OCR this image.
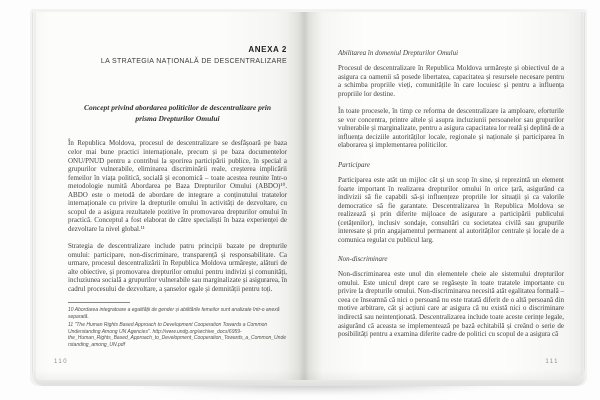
ANEXA 2
LA STRATEGIA NAȚIONALĂ DE DESCENTRALIZARE
Concept privind abordarea politicilor de descentralizare prin prisma Drepturilor Omului

În Republica Moldova, procesul de descentralizare se desfășoară pe baza celor mai bune practici internaționale, precum și pe baza documentelor ONU/PNUD pentru a contribui la sporirea participării publice, în special a grupurilor vulnerabile, eliminarea discriminării reale, creșterea implicării femeilor în viața politică, socială și economică – toate acestea reunite într-o metodologie numită Abordarea pe Baza Drepturilor Omului (ABDO)¹⁰. ABDO este o metodă de abordare de integrare a conținutului tratatelor internaționale cu privire la drepturile omului în activități de dezvoltare, cu scopul de a asigura rezultatele pozitive în promovarea drepturilor omului în practică. Conceptul a fost elaborat de către specialiști în baza experienței de dezvoltare la nivel global.¹¹

Strategia de descentralizare include patru principii bazate pe drepturile omului: participare, non-discriminare, transparență și responsabilitate. Ca urmare, procesul descentralizării în Republica Moldova urmărește, alături de alte obiective, și promovarea drepturilor omului pentru indivizi și comunități, incluziunea socială a grupurilor vulnerabile sau marginalizate și asigurarea, în cadrul procesului de dezvoltare, a șanselor egale și demnității pentru toți.

10 Abordarea integratoare a egalității de gender și abilitările femeilor sunt analizate într-o anexă separată.

11 "The Human Rights Based Approach to Development Cooperation Towards a Common Understanding Among UN Agencies". http://www.undg.org/archive_docs/6959-the_Human_Rights_Based_Approach_to_Development_Cooperation_Towards_a_Common_Understanding_among_UN.pdf

110
Abilitarea în domeniul Drepturilor Omului

Procesul de descentralizare în Republica Moldova urmărește și obiectivul de a asigura ca oamenii să posede libertatea, capacitatea și resursele necesare pentru a schimba propriile vieți, comunitățile în care locuiesc și pentru a influența propriile lor destine.

În toate procesele, în timp ce reforma de descentralizare ia amploare, eforturile se vor concentra, printre altele și asupra incluziunii persoanelor sau grupurilor vulnerabile și marginalizate, pentru a asigura capacitatea lor reală și deplină de a influența deciziile autorităților locale, regionale și naționale și participarea în elaborarea și implementarea politicilor.

Participare

Participarea este atât un mijloc cât și un scop în sine, și reprezintă un element foarte important în realizarea drepturilor omului în orice țară, asigurând ca indivizii să fie capabili să-și influențeze propriile lor situații și ca valorile democratice să fie garantate. Descentralizarea în Republica Moldova se realizează și prin diferite mijloace de asigurare a participării publicului (cetățenilor), inclusiv sondaje, consultări cu societatea civilă sau grupurile interesate și prin angajamentul permanent al autorităților centrale și locale de a comunica regulat cu publicul larg.

Non-discriminare

Non-discriminarea este unul din elementele cheie ale sistemului drepturilor omului. Este unicul drept care se regăsește în toate tratatele importante cu privire la drepturile omului. Non-discriminarea necesită atât egalitatea formală – ceea ce înseamnă că nici o persoană nu este tratată diferit de o altă persoană din motive arbitrare, cât și acțiuni care ar asigura că nu există nici o discriminare indirectă sau neintenționată. Descentralizarea include toate aceste cerințe legale, asigurând că aceasta se implementează pe bază echitabilă și creând o serie de posibilități pentru a examina diferite cadre de politici cu scopul de a asigura că

111
